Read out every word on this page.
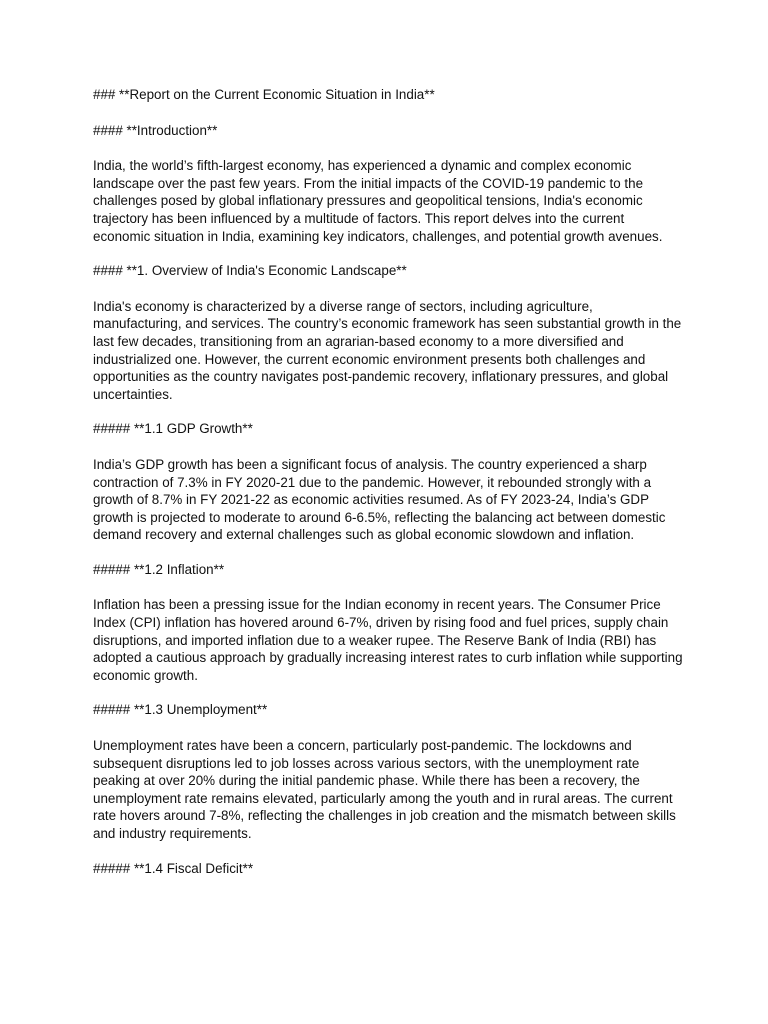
### **Report on the Current Economic Situation in India**

#### **Introduction**

India, the world’s fifth-largest economy, has experienced a dynamic and complex economic landscape over the past few years. From the initial impacts of the COVID-19 pandemic to the challenges posed by global inflationary pressures and geopolitical tensions, India's economic trajectory has been influenced by a multitude of factors. This report delves into the current economic situation in India, examining key indicators, challenges, and potential growth avenues.

#### **1. Overview of India's Economic Landscape**

India's economy is characterized by a diverse range of sectors, including agriculture, manufacturing, and services. The country’s economic framework has seen substantial growth in the last few decades, transitioning from an agrarian-based economy to a more diversified and industrialized one. However, the current economic environment presents both challenges and opportunities as the country navigates post-pandemic recovery, inflationary pressures, and global uncertainties.

##### **1.1 GDP Growth**

India’s GDP growth has been a significant focus of analysis. The country experienced a sharp contraction of 7.3% in FY 2020-21 due to the pandemic. However, it rebounded strongly with a growth of 8.7% in FY 2021-22 as economic activities resumed. As of FY 2023-24, India’s GDP growth is projected to moderate to around 6-6.5%, reflecting the balancing act between domestic demand recovery and external challenges such as global economic slowdown and inflation.

##### **1.2 Inflation**

Inflation has been a pressing issue for the Indian economy in recent years. The Consumer Price Index (CPI) inflation has hovered around 6-7%, driven by rising food and fuel prices, supply chain disruptions, and imported inflation due to a weaker rupee. The Reserve Bank of India (RBI) has adopted a cautious approach by gradually increasing interest rates to curb inflation while supporting economic growth.

##### **1.3 Unemployment**

Unemployment rates have been a concern, particularly post-pandemic. The lockdowns and subsequent disruptions led to job losses across various sectors, with the unemployment rate peaking at over 20% during the initial pandemic phase. While there has been a recovery, the unemployment rate remains elevated, particularly among the youth and in rural areas. The current rate hovers around 7-8%, reflecting the challenges in job creation and the mismatch between skills and industry requirements.

##### **1.4 Fiscal Deficit**
